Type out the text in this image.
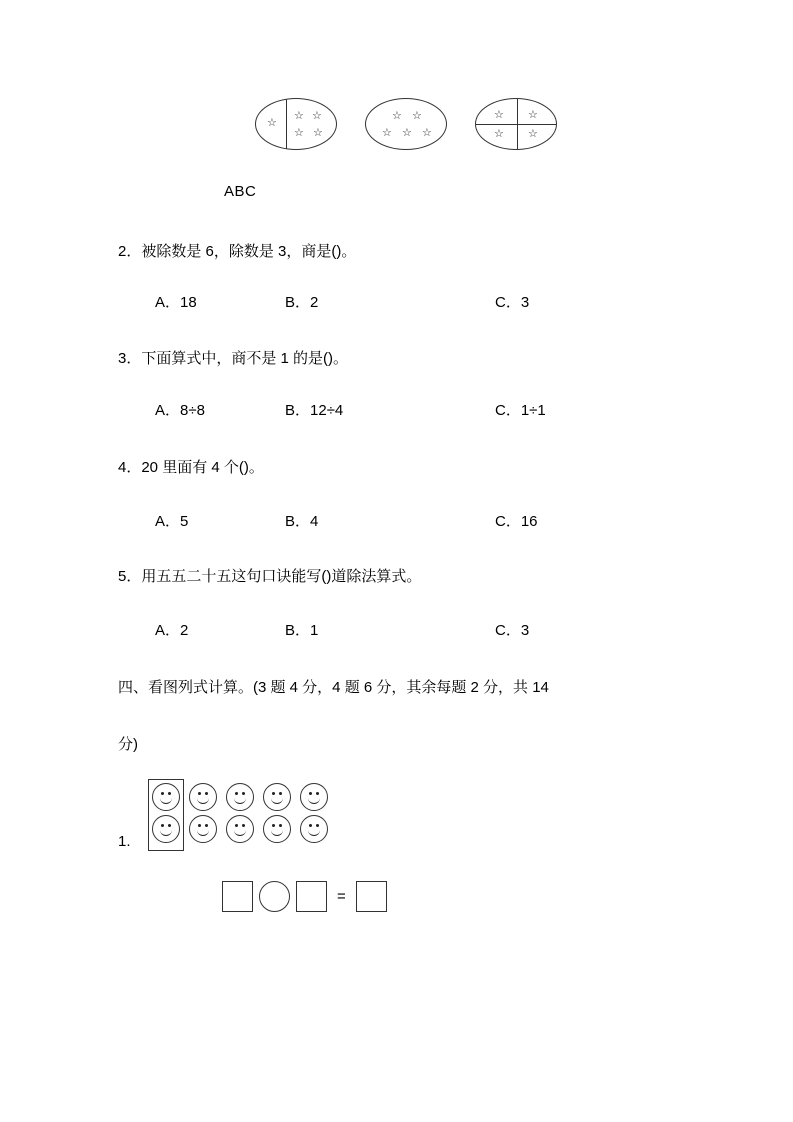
☆
☆ ☆
☆ ☆
☆ ☆
☆ ☆ ☆
☆ ☆
☆ ☆
ABC
2．被除数是 6，除数是 3，商是()。
A．18	B．2	C．3
3．下面算式中，商不是 1 的是()。
A．8÷8	B．12÷4	C．1÷1
4．20 里面有 4 个()。
A．5	B．4	C．16
5．用五五二十五这句口诀能写()道除法算式。
A．2	B．1	C．3
四、看图列式计算。(3 题 4 分，4 题 6 分，其余每题 2 分，共 14
分)
1.
=
